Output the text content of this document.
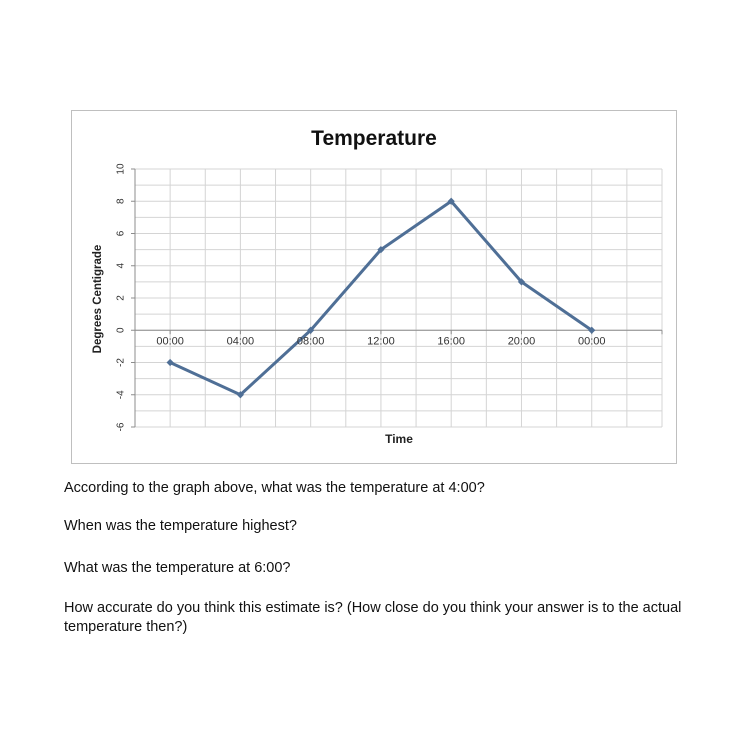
Temperature
10
8
6
4
2
0
-2
-4
-6
00:00	04:00	08:00	12:00	16:00	20:00	00:00
Time
Degrees Centigrade

According to the graph above, what was the temperature at 4:00?

When was the temperature highest?

What was the temperature at 6:00?

How accurate do you think this estimate is? (How close do you think your answer is to the actual temperature then?)
